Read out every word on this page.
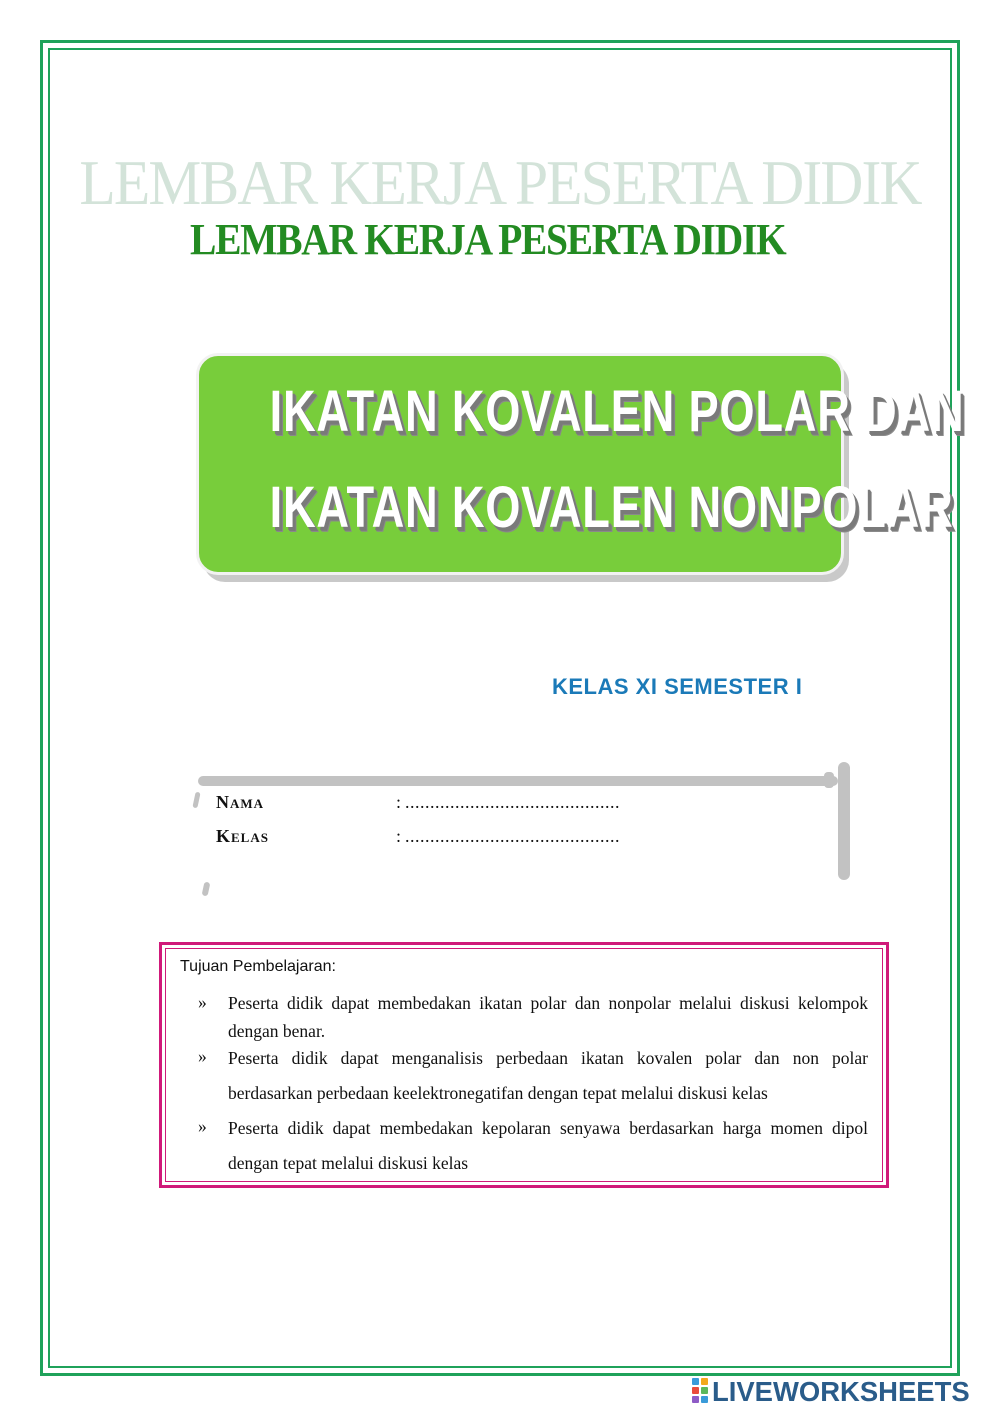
LEMBAR KERJA PESERTA DIDIK
LEMBAR KERJA PESERTA DIDIK
IKATAN KOVALEN POLAR DAN
IKATAN KOVALEN NONPOLAR
KELAS XI SEMESTER I
Nama	: ...........................................
Kelas	: ...........................................
Tujuan Pembelajaran:
» Peserta didik dapat membedakan ikatan polar dan nonpolar melalui diskusi kelompok dengan benar.
» Peserta didik dapat menganalisis perbedaan ikatan kovalen polar dan non polar berdasarkan perbedaan keelektronegatifan dengan tepat melalui diskusi kelas
» Peserta didik dapat membedakan kepolaran senyawa berdasarkan harga momen dipol dengan tepat melalui diskusi kelas
LIVEWORKSHEETS
